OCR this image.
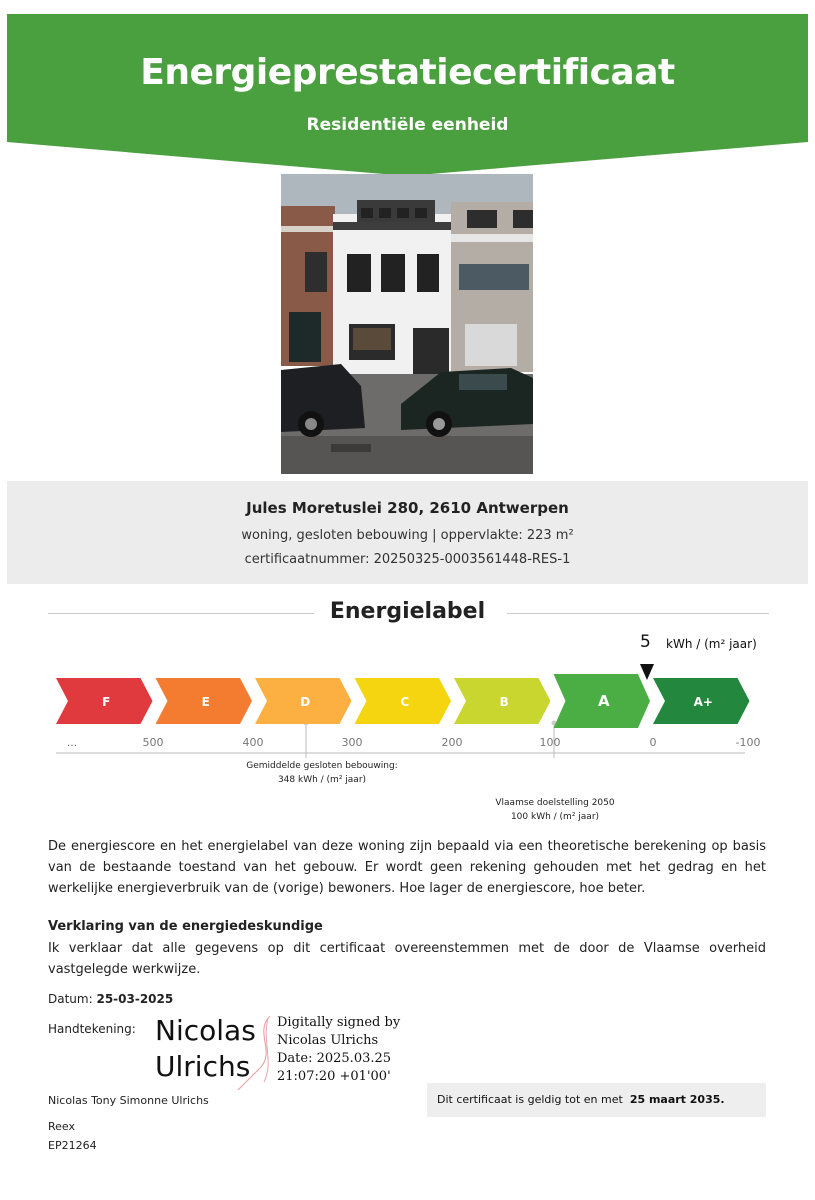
Energieprestatiecertificaat
Residentiële eenheid
Jules Moretuslei 280, 2610 Antwerpen
woning, gesloten bebouwing | oppervlakte: 223 m²
certificaatnummer: 20250325-0003561448-RES-1
Energielabel
5 kWh / (m² jaar)
F	E	D	C	B	A	A+
...	500	400	300	200	100	0	-100
Gemiddelde gesloten bebouwing:
348 kWh / (m² jaar)
Vlaamse doelstelling 2050
100 kWh / (m² jaar)
De energiescore en het energielabel van deze woning zijn bepaald via een theoretische berekening op basis van de bestaande toestand van het gebouw. Er wordt geen rekening gehouden met het gedrag en het werkelijke energieverbruik van de (vorige) bewoners. Hoe lager de energiescore, hoe beter.
Verklaring van de energiedeskundige
Ik verklaar dat alle gegevens op dit certificaat overeenstemmen met de door de Vlaamse overheid vastgelegde werkwijze.
Datum: 25-03-2025
Handtekening: Nicolas
Ulrichs
Digitally signed by
Nicolas Ulrichs
Date: 2025.03.25
21:07:20 +01'00'
Nicolas Tony Simonne Ulrichs
Reex
EP21264
Dit certificaat is geldig tot en met 25 maart 2035.
